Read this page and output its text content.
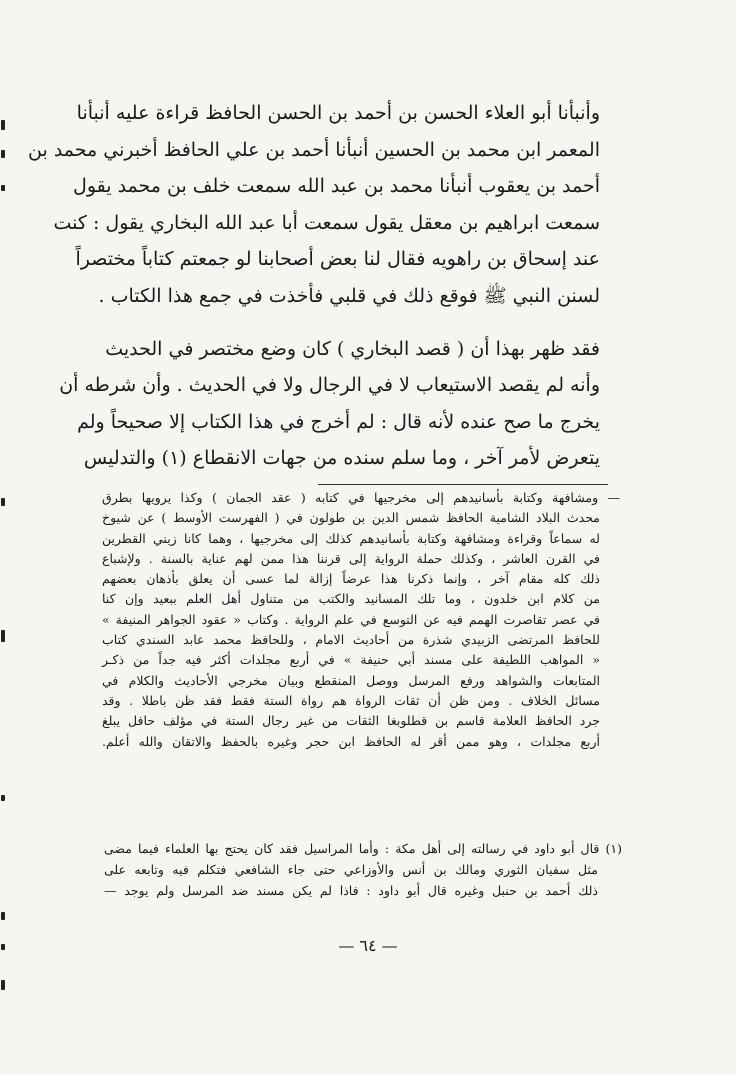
وأنبأنا أبو العلاء الحسن بن أحمد بن الحسن الحافظ قراءة عليه أنبأنا

المعمر ابن محمد بن الحسين أنبأنا أحمد بن علي الحافظ أخبرني محمد بن

أحمد بن يعقوب أنبأنا محمد بن عبد الله سمعت خلف بن محمد يقول

سمعت ابراهيم بن معقل يقول سمعت أبا عبد الله البخاري يقول : كنت

عند إسحاق بن راهويه فقال لنا بعض أصحابنا لو جمعتم كتاباً مختصراً

لسنن النبي ﷺ فوقع ذلك في قلبي فأخذت في جمع هذا الكتاب .

فقد ظهر بهذا أن ( قصد البخاري ) كان وضع مختصر في الحديث

وأنه لم يقصد الاستيعاب لا في الرجال ولا في الحديث . وأن شرطه أن

يخرج ما صح عنده لأنه قال : لم أخرج في هذا الكتاب إلا صحيحاً ولم

يتعرض لأمر آخر ، وما سلم سنده من جهات الانقطاع (١) والتدليس

— ومشافهة وكتابة بأسانيدهم إلى مخرجيها في كتابه ( عقد الجمان ) وكذا يرويها بطرق

محدث البلاد الشامية الحافظ شمس الدين بن طولون في ( الفهرست الأوسط ) عن شيوخ

له سماعاً وقراءة ومشافهة وكتابة بأسانيدهم كذلك إلى مخرجيها ، وهما كانا زيني القطرين

في القرن العاشر ، وكذلك حملة الرواية إلى قرننا هذا ممن لهم عناية بالسنة . ولإشباع

ذلك كله مقام آخر ، وإنما ذكرنا هذا عرضاً إزالة لما عسى أن يعلق بأذهان بعضهم

من كلام ابن خلدون ، وما تلك المسانيد والكتب من متناول أهل العلم ببعيد وإن كنا

في عصر تقاصرت الهمم فيه عن التوسع في علم الرواية . وكتاب « عقود الجواهر المنيفة »

للحافظ المرتضى الزبيدي شذرة من أحاديث الامام ، وللحافظ محمد عابد السندي كتاب

« المواهب اللطيفة على مسند أبي حنيفة » في أربع مجلدات أكثر فيه جداً من ذكـر

المتابعات والشواهد ورفع المرسل ووصل المنقطع وبيان مخرجي الأحاديث والكلام في

مسائل الخلاف . ومن ظن أن ثقات الرواة هم رواة الستة فقط فقد ظن باطلا . وقد

جرد الحافظ العلامة قاسم بن قطلوبغا الثقات من غير رجال الستة في مؤلف حافل يبلغ

أربع مجلدات ، وهو ممن أقر له الحافظ ابن حجر وغيره بالحفظ والاتقان والله أعلم.

(١) قال أبو داود في رسالته إلى أهل مكة : وأما المراسيل فقد كان يحتج بها العلماء فيما مضى

مثل سفيان الثوري ومالك بن أنس والأوزاعي حتى جاء الشافعي فتكلم فيه وتابعه على

ذلك أحمد بن حنبل وغيره قال أبو داود : فاذا لم يكن مسند ضد المرسل ولم يوجد —

— ٦٤ —
